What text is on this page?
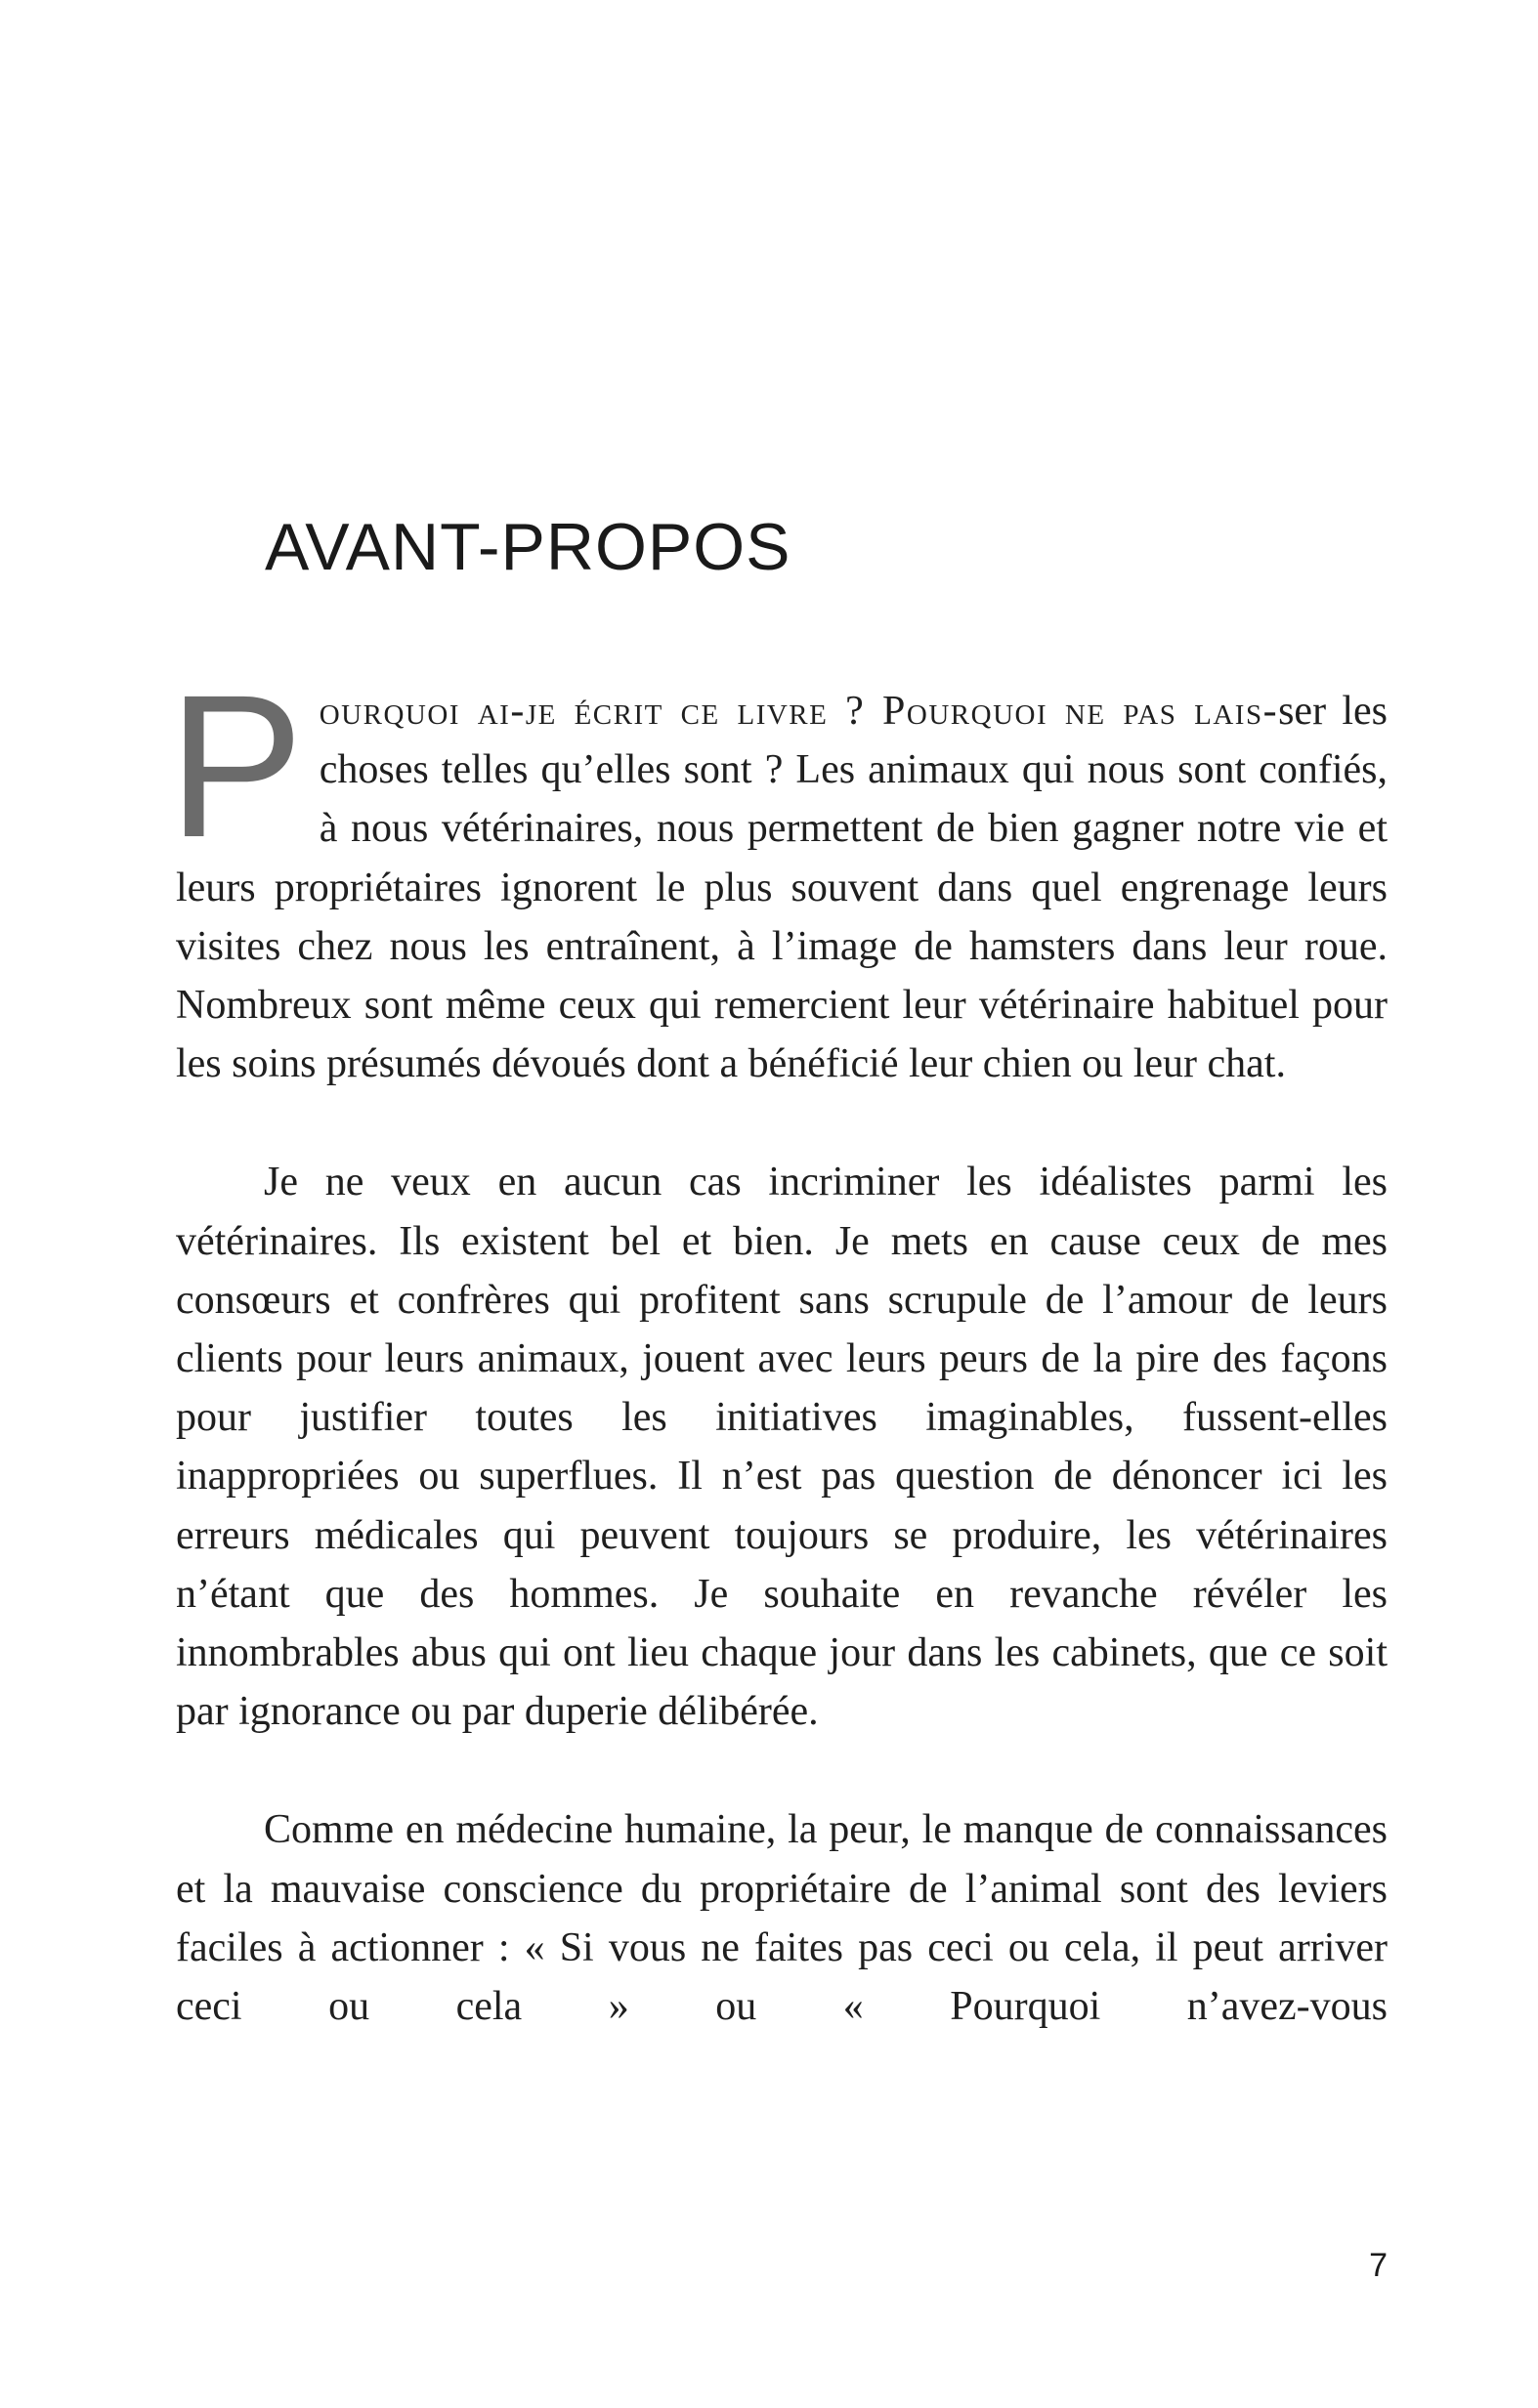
AVANT-PROPOS

Pourquoi ai-je écrit ce livre ? Pourquoi ne pas lais-ser les choses telles qu’elles sont ? Les animaux qui nous sont confiés, à nous vétérinaires, nous permettent de bien gagner notre vie et leurs propriétaires ignorent le plus souvent dans quel engrenage leurs visites chez nous les entraînent, à l’image de hamsters dans leur roue. Nombreux sont même ceux qui remercient leur vétérinaire habituel pour les soins présumés dévoués dont a bénéficié leur chien ou leur chat.

Je ne veux en aucun cas incriminer les idéalistes parmi les vétérinaires. Ils existent bel et bien. Je mets en cause ceux de mes consœurs et confrères qui profitent sans scrupule de l’amour de leurs clients pour leurs animaux, jouent avec leurs peurs de la pire des façons pour justifier toutes les initiatives imaginables, fussent-elles inappropriées ou superflues. Il n’est pas question de dénoncer ici les erreurs médicales qui peuvent toujours se produire, les vétérinaires n’étant que des hommes. Je souhaite en revanche révéler les innombrables abus qui ont lieu chaque jour dans les cabinets, que ce soit par ignorance ou par duperie délibérée.

Comme en médecine humaine, la peur, le manque de connaissances et la mauvaise conscience du propriétaire de l’animal sont des leviers faciles à actionner : « Si vous ne faites pas ceci ou cela, il peut arriver ceci ou cela » ou « Pourquoi n’avez-vous

7
